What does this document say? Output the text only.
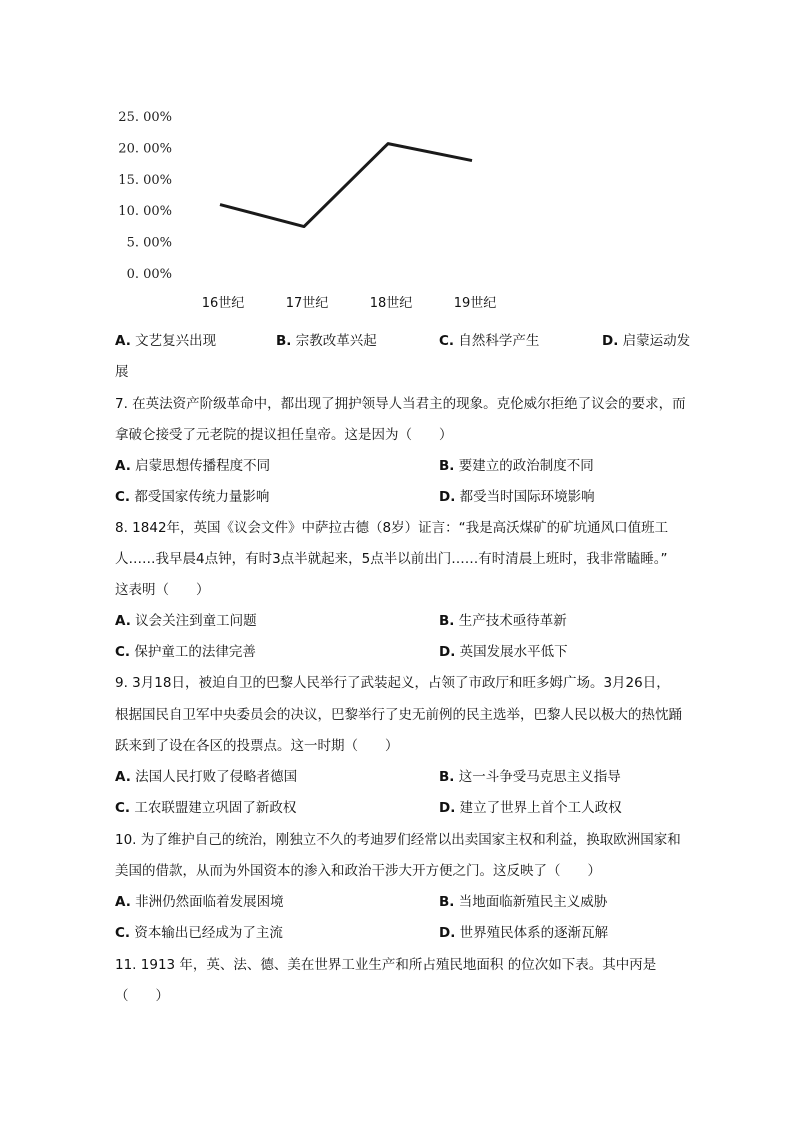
25. 00%
20. 00%
15. 00%
10. 00%
5. 00%
0. 00%
16世纪	17世纪	18世纪	19世纪
A. 文艺复兴出现	B. 宗教改革兴起	C. 自然科学产生	D. 启蒙运动发
展
7. 在英法资产阶级革命中，都出现了拥护领导人当君主的现象。克伦威尔拒绝了议会的要求，而
拿破仑接受了元老院的提议担任皇帝。这是因为（　　）
A. 启蒙思想传播程度不同	B. 要建立的政治制度不同
C. 都受国家传统力量影响	D. 都受当时国际环境影响
8. 1842年，英国《议会文件》中萨拉古德（8岁）证言：“我是高沃煤矿的矿坑通风口值班工
人……我早晨4点钟，有时3点半就起来，5点半以前出门……有时清晨上班时，我非常瞌睡。”
这表明（　　）
A. 议会关注到童工问题	B. 生产技术亟待革新
C. 保护童工的法律完善	D. 英国发展水平低下
9. 3月18日，被迫自卫的巴黎人民举行了武装起义，占领了市政厅和旺多姆广场。3月26日，
根据国民自卫军中央委员会的决议，巴黎举行了史无前例的民主选举，巴黎人民以极大的热忱踊
跃来到了设在各区的投票点。这一时期（　　）
A. 法国人民打败了侵略者德国	B. 这一斗争受马克思主义指导
C. 工农联盟建立巩固了新政权	D. 建立了世界上首个工人政权
10. 为了维护自己的统治，刚独立不久的考迪罗们经常以出卖国家主权和利益，换取欧洲国家和
美国的借款，从而为外国资本的渗入和政治干涉大开方便之门。这反映了（　　）
A. 非洲仍然面临着发展困境	B. 当地面临新殖民主义威胁
C. 资本输出已经成为了主流	D. 世界殖民体系的逐渐瓦解
11. 1913 年，英、法、德、美在世界工业生产和所占殖民地面积 的位次如下表。其中丙是
（　　）
